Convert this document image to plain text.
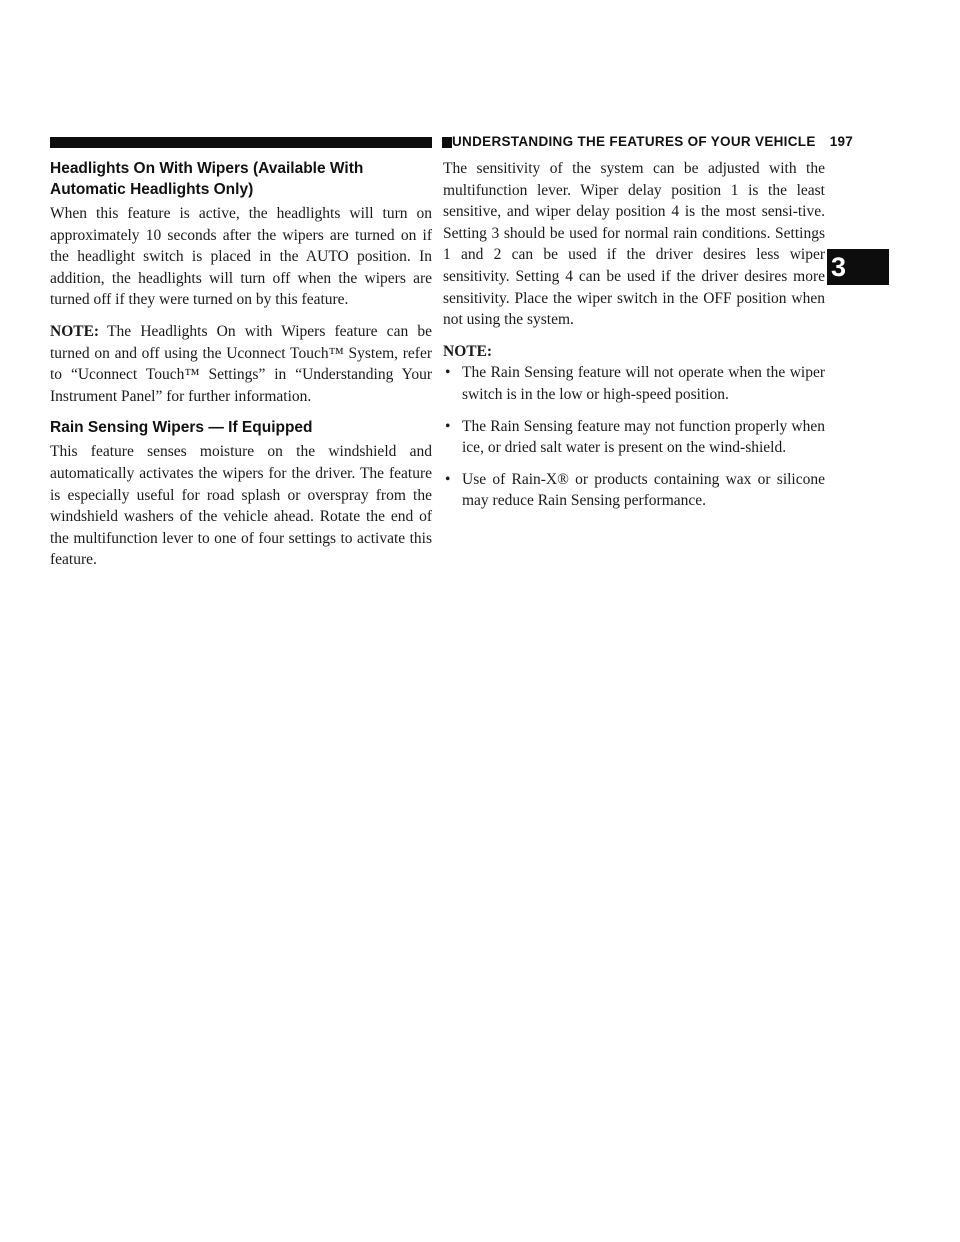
UNDERSTANDING THE FEATURES OF YOUR VEHICLE 197
3
Headlights On With Wipers (Available With Automatic Headlights Only)

When this feature is active, the headlights will turn on approximately 10 seconds after the wipers are turned on if the headlight switch is placed in the AUTO position. In addition, the headlights will turn off when the wipers are turned off if they were turned on by this feature.

NOTE: The Headlights On with Wipers feature can be turned on and off using the Uconnect Touch™ System, refer to “Uconnect Touch™ Settings” in “Understanding Your Instrument Panel” for further information.

Rain Sensing Wipers — If Equipped

This feature senses moisture on the windshield and automatically activates the wipers for the driver. The feature is especially useful for road splash or overspray from the windshield washers of the vehicle ahead. Rotate the end of the multifunction lever to one of four settings to activate this feature.

The sensitivity of the system can be adjusted with the multifunction lever. Wiper delay position 1 is the least sensitive, and wiper delay position 4 is the most sensi-tive. Setting 3 should be used for normal rain conditions. Settings 1 and 2 can be used if the driver desires less wiper sensitivity. Setting 4 can be used if the driver desires more sensitivity. Place the wiper switch in the OFF position when not using the system.

NOTE:
• The Rain Sensing feature will not operate when the wiper switch is in the low or high-speed position.
• The Rain Sensing feature may not function properly when ice, or dried salt water is present on the wind-shield.
• Use of Rain-X® or products containing wax or silicone may reduce Rain Sensing performance.
